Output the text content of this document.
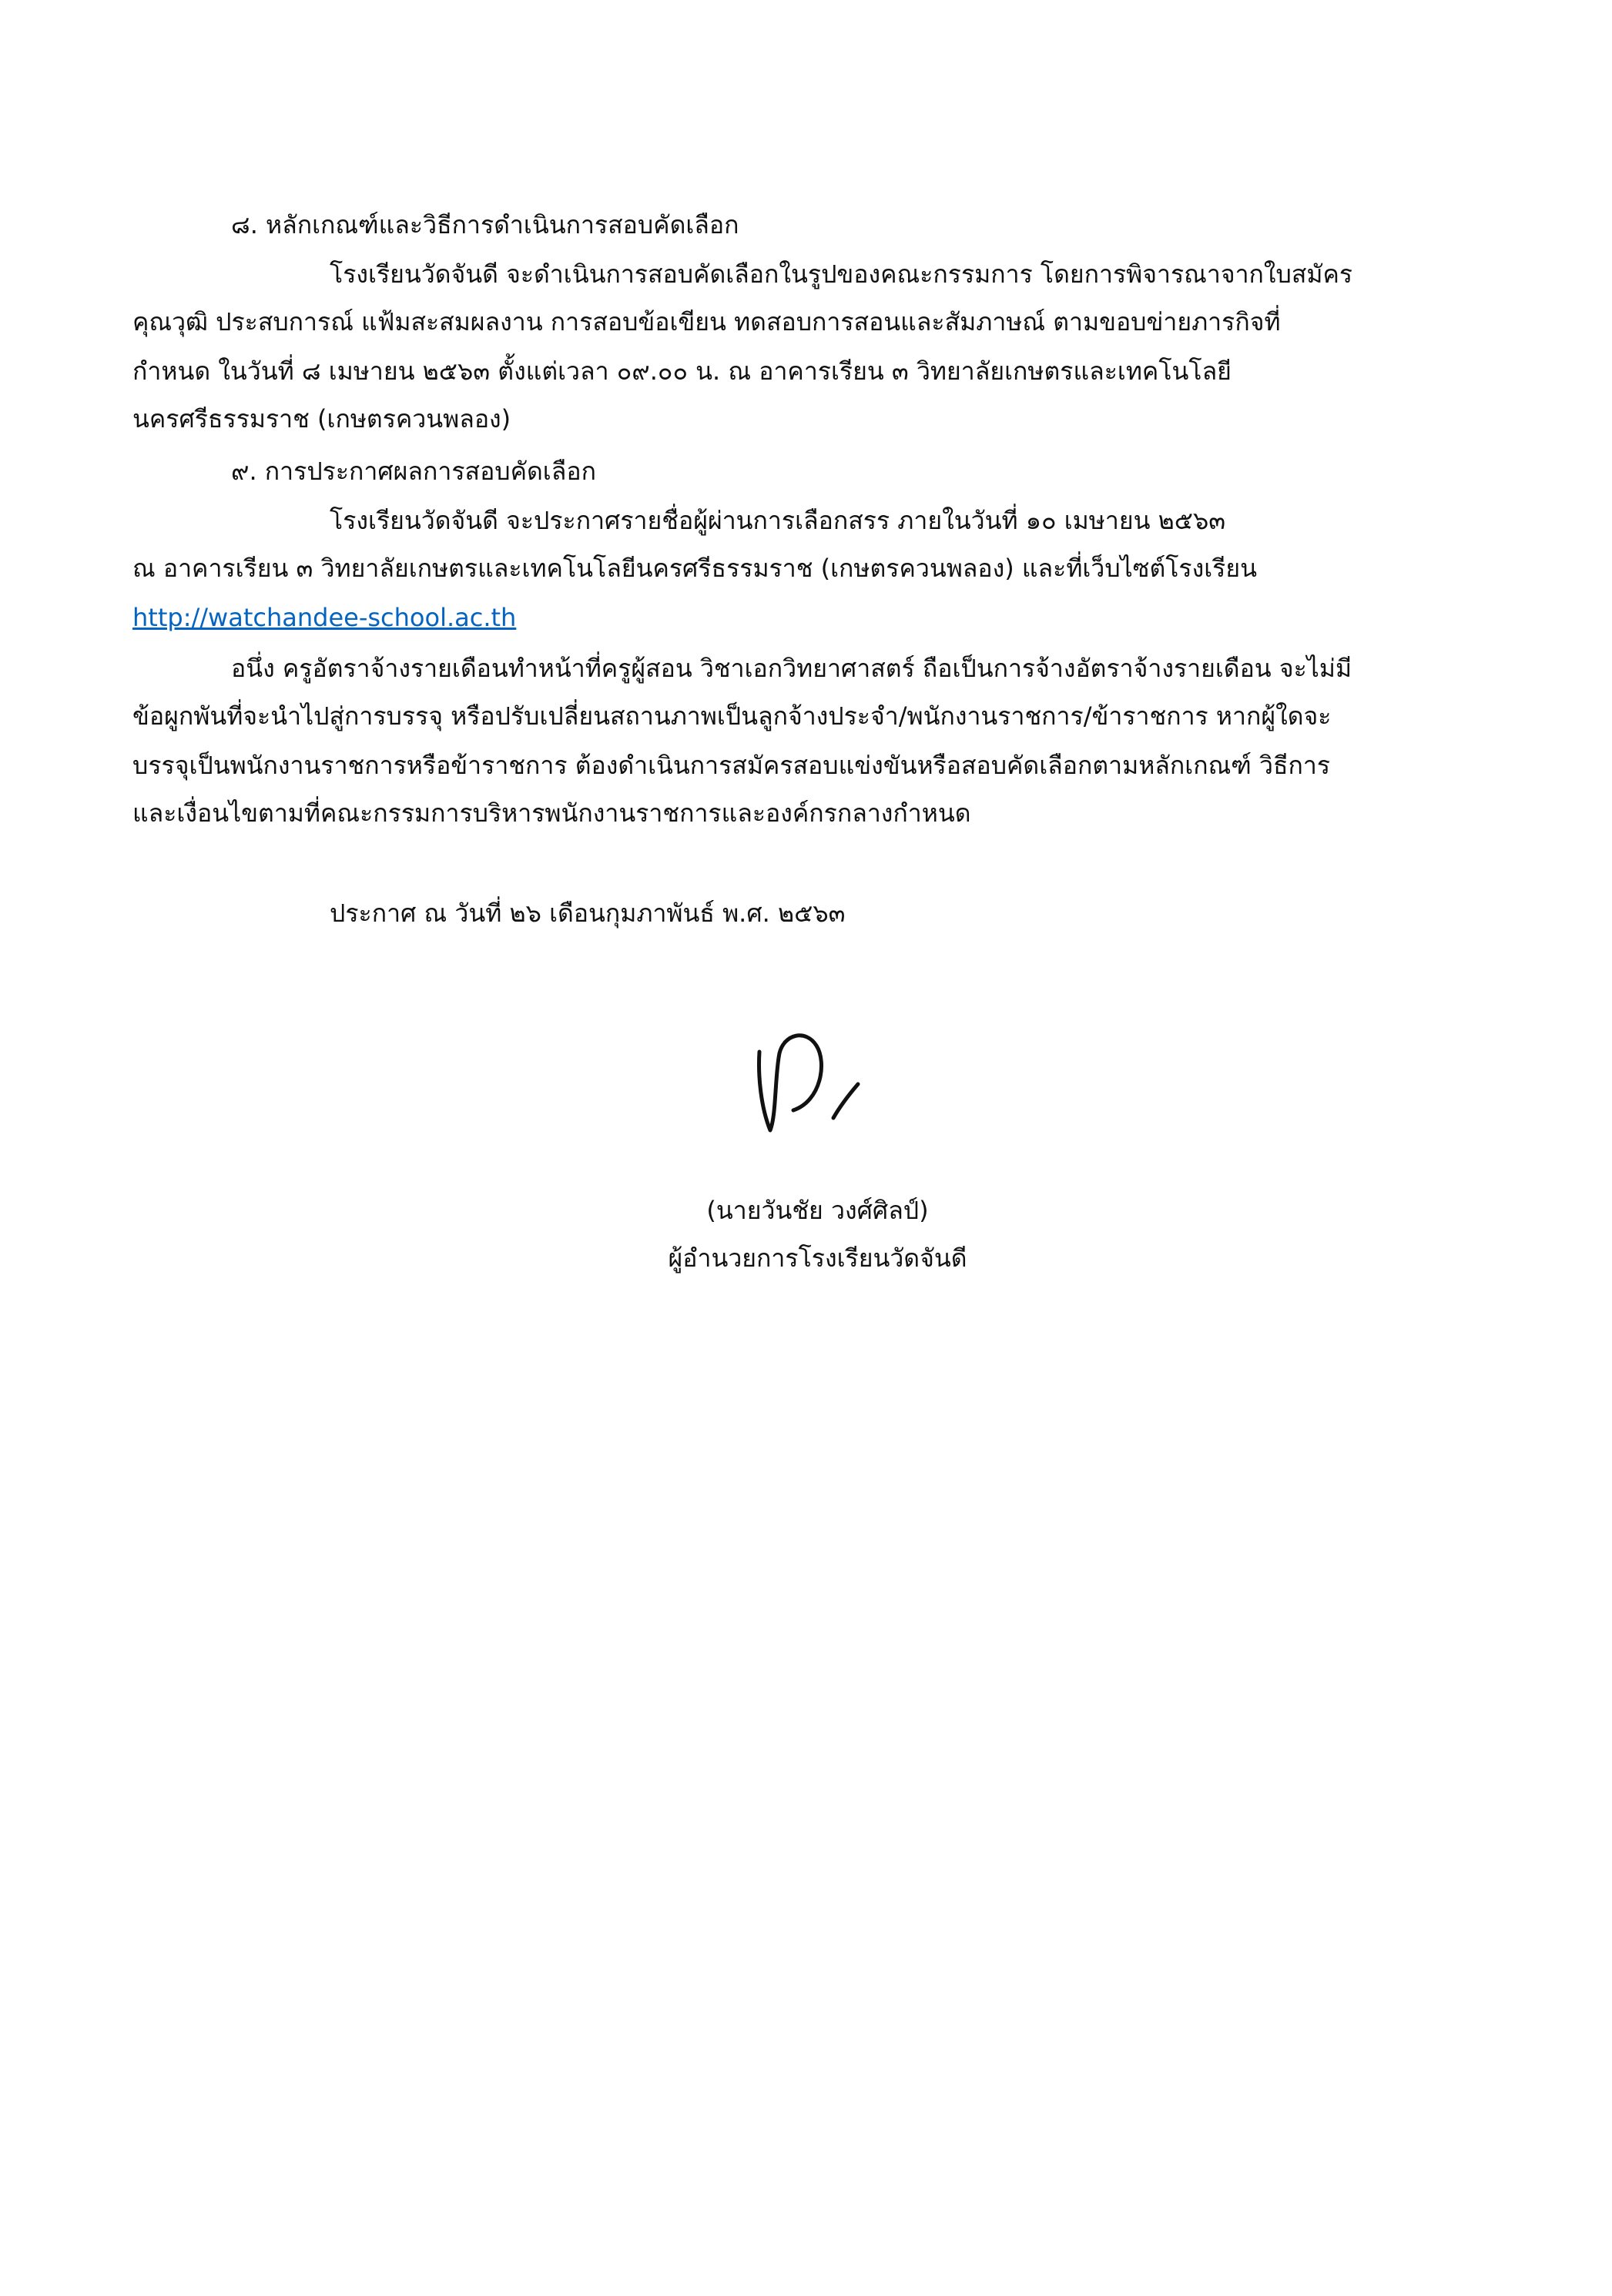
๘. หลักเกณฑ์และวิธีการดำเนินการสอบคัดเลือก

โรงเรียนวัดจันดี จะดำเนินการสอบคัดเลือกในรูปของคณะกรรมการ โดยการพิจารณาจากใบสมัคร

คุณวุฒิ ประสบการณ์ แฟ้มสะสมผลงาน การสอบข้อเขียน ทดสอบการสอนและสัมภาษณ์ ตามขอบข่ายภารกิจที่

กำหนด ในวันที่ ๘ เมษายน ๒๕๖๓ ตั้งแต่เวลา ๐๙.๐๐ น. ณ อาคารเรียน ๓ วิทยาลัยเกษตรและเทคโนโลยี

นครศรีธรรมราช (เกษตรควนพลอง)

๙. การประกาศผลการสอบคัดเลือก

โรงเรียนวัดจันดี จะประกาศรายชื่อผู้ผ่านการเลือกสรร ภายในวันที่ ๑๐ เมษายน ๒๕๖๓

ณ อาคารเรียน ๓ วิทยาลัยเกษตรและเทคโนโลยีนครศรีธรรมราช (เกษตรควนพลอง) และที่เว็บไซต์โรงเรียน

http://watchandee-school.ac.th

อนึ่ง ครูอัตราจ้างรายเดือนทำหน้าที่ครูผู้สอน วิชาเอกวิทยาศาสตร์ ถือเป็นการจ้างอัตราจ้างรายเดือน จะไม่มี

ข้อผูกพันที่จะนำไปสู่การบรรจุ หรือปรับเปลี่ยนสถานภาพเป็นลูกจ้างประจำ/พนักงานราชการ/ข้าราชการ หากผู้ใดจะ

บรรจุเป็นพนักงานราชการหรือข้าราชการ ต้องดำเนินการสมัครสอบแข่งขันหรือสอบคัดเลือกตามหลักเกณฑ์ วิธีการ

และเงื่อนไขตามที่คณะกรรมการบริหารพนักงานราชการและองค์กรกลางกำหนด

ประกาศ ณ วันที่ ๒๖ เดือนกุมภาพันธ์ พ.ศ. ๒๕๖๓

(นายวันชัย วงศ์ศิลป์)

ผู้อำนวยการโรงเรียนวัดจันดี
